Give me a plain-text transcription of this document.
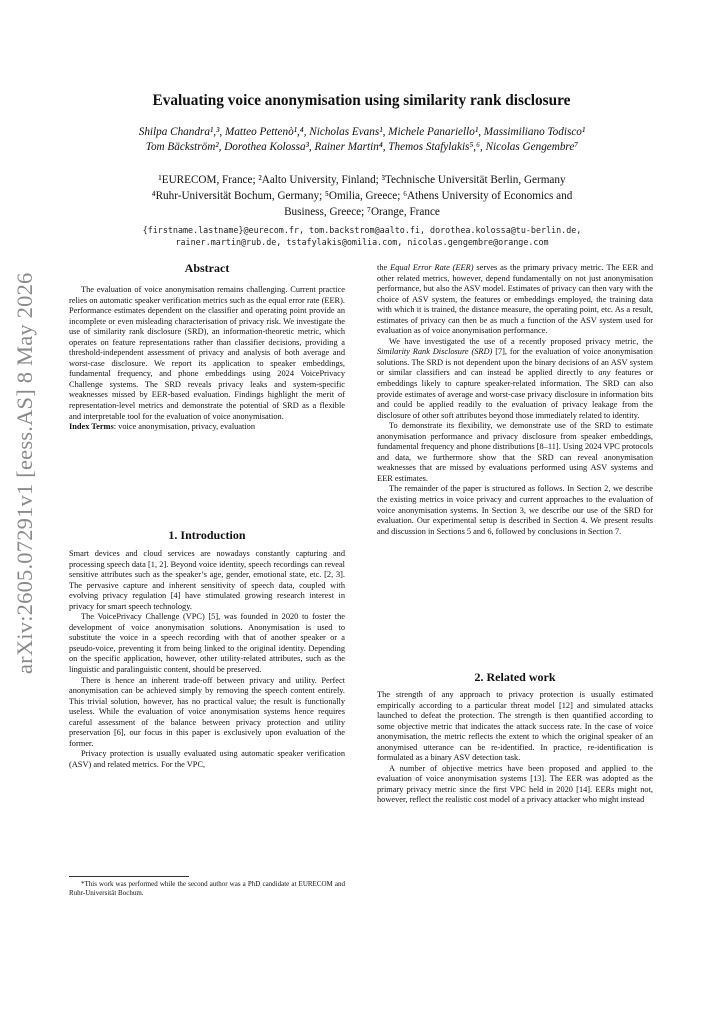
arXiv:2605.07291v1 [eess.AS] 8 May 2026
Evaluating voice anonymisation using similarity rank disclosure
Shilpa Chandra¹,³, Matteo Pettenò¹,⁴, Nicholas Evans¹, Michele Panariello¹, Massimiliano Todisco¹
Tom Bäckström², Dorothea Kolossa³, Rainer Martin⁴, Themos Stafylakis⁵,⁶, Nicolas Gengembre⁷
¹EURECOM, France; ²Aalto University, Finland; ³Technische Universität Berlin, Germany
⁴Ruhr-Universität Bochum, Germany; ⁵Omilia, Greece; ⁶Athens University of Economics and
Business, Greece; ⁷Orange, France
{firstname.lastname}@eurecom.fr, tom.backstrom@aalto.fi, dorothea.kolossa@tu-berlin.de,
rainer.martin@rub.de, tstafylakis@omilia.com, nicolas.gengembre@orange.com
Abstract

The evaluation of voice anonymisation remains challenging. Current practice relies on automatic speaker verification metrics such as the equal error rate (EER). Performance estimates dependent on the classifier and operating point provide an incomplete or even misleading characterisation of privacy risk. We investigate the use of similarity rank disclosure (SRD), an information-theoretic metric, which operates on feature representations rather than classifier decisions, providing a threshold-independent assessment of privacy and analysis of both average and worst-case disclosure. We report its application to speaker embeddings, fundamental frequency, and phone embeddings using 2024 VoicePrivacy Challenge systems. The SRD reveals privacy leaks and system-specific weaknesses missed by EER-based evaluation. Findings highlight the merit of representation-level metrics and demonstrate the potential of SRD as a flexible and interpretable tool for the evaluation of voice anonymisation.

Index Terms: voice anonymisation, privacy, evaluation

1. Introduction

Smart devices and cloud services are nowadays constantly capturing and processing speech data [1, 2]. Beyond voice identity, speech recordings can reveal sensitive attributes such as the speaker’s age, gender, emotional state, etc. [2, 3]. The pervasive capture and inherent sensitivity of speech data, coupled with evolving privacy regulation [4] have stimulated growing research interest in privacy for smart speech technology.

The VoicePrivacy Challenge (VPC) [5], was founded in 2020 to foster the development of voice anonymisation solutions. Anonymisation is used to substitute the voice in a speech recording with that of another speaker or a pseudo-voice, preventing it from being linked to the original identity. Depending on the specific application, however, other utility-related attributes, such as the linguistic and paralinguistic content, should be preserved.

There is hence an inherent trade-off between privacy and utility. Perfect anonymisation can be achieved simply by removing the speech content entirely. This trivial solution, however, has no practical value; the result is functionally useless. While the evaluation of voice anonymisation systems hence requires careful assessment of the balance between privacy protection and utility preservation [6], our focus in this paper is exclusively upon evaluation of the former.

Privacy protection is usually evaluated using automatic speaker verification (ASV) and related metrics. For the VPC,

*This work was performed while the second author was a PhD candidate at EURECOM and Ruhr-Universität Bochum.

the Equal Error Rate (EER) serves as the primary privacy metric. The EER and other related metrics, however, depend fundamentally on not just anonymisation performance, but also the ASV model. Estimates of privacy can then vary with the choice of ASV system, the features or embeddings employed, the training data with which it is trained, the distance measure, the operating point, etc. As a result, estimates of privacy can then be as much a function of the ASV system used for evaluation as of voice anonymisation performance.

We have investigated the use of a recently proposed privacy metric, the Similarity Rank Disclosure (SRD) [7], for the evaluation of voice anonymisation solutions. The SRD is not dependent upon the binary decisions of an ASV system or similar classifiers and can instead be applied directly to any features or embeddings likely to capture speaker-related information. The SRD can also provide estimates of average and worst-case privacy disclosure in information bits and could be applied readily to the evaluation of privacy leakage from the disclosure of other soft attributes beyond those immediately related to identity.

To demonstrate its flexibility, we demonstrate use of the SRD to estimate anonymisation performance and privacy disclosure from speaker embeddings, fundamental frequency and phone distributions [8–11]. Using 2024 VPC protocols and data, we furthermore show that the SRD can reveal anonymisation weaknesses that are missed by evaluations performed using ASV systems and EER estimates.

The remainder of the paper is structured as follows. In Section 2, we describe the existing metrics in voice privacy and current approaches to the evaluation of voice anonymisation systems. In Section 3, we describe our use of the SRD for evaluation. Our experimental setup is described in Section 4. We present results and discussion in Sections 5 and 6, followed by conclusions in Section 7.

2. Related work

The strength of any approach to privacy protection is usually estimated empirically according to a particular threat model [12] and simulated attacks launched to defeat the protection. The strength is then quantified according to some objective metric that indicates the attack success rate. In the case of voice anonymisation, the metric reflects the extent to which the original speaker of an anonymised utterance can be re-identified. In practice, re-identification is formulated as a binary ASV detection task.

A number of objective metrics have been proposed and applied to the evaluation of voice anonymisation systems [13]. The EER was adopted as the primary privacy metric since the first VPC held in 2020 [14]. EERs might not, however, reflect the realistic cost model of a privacy attacker who might instead
